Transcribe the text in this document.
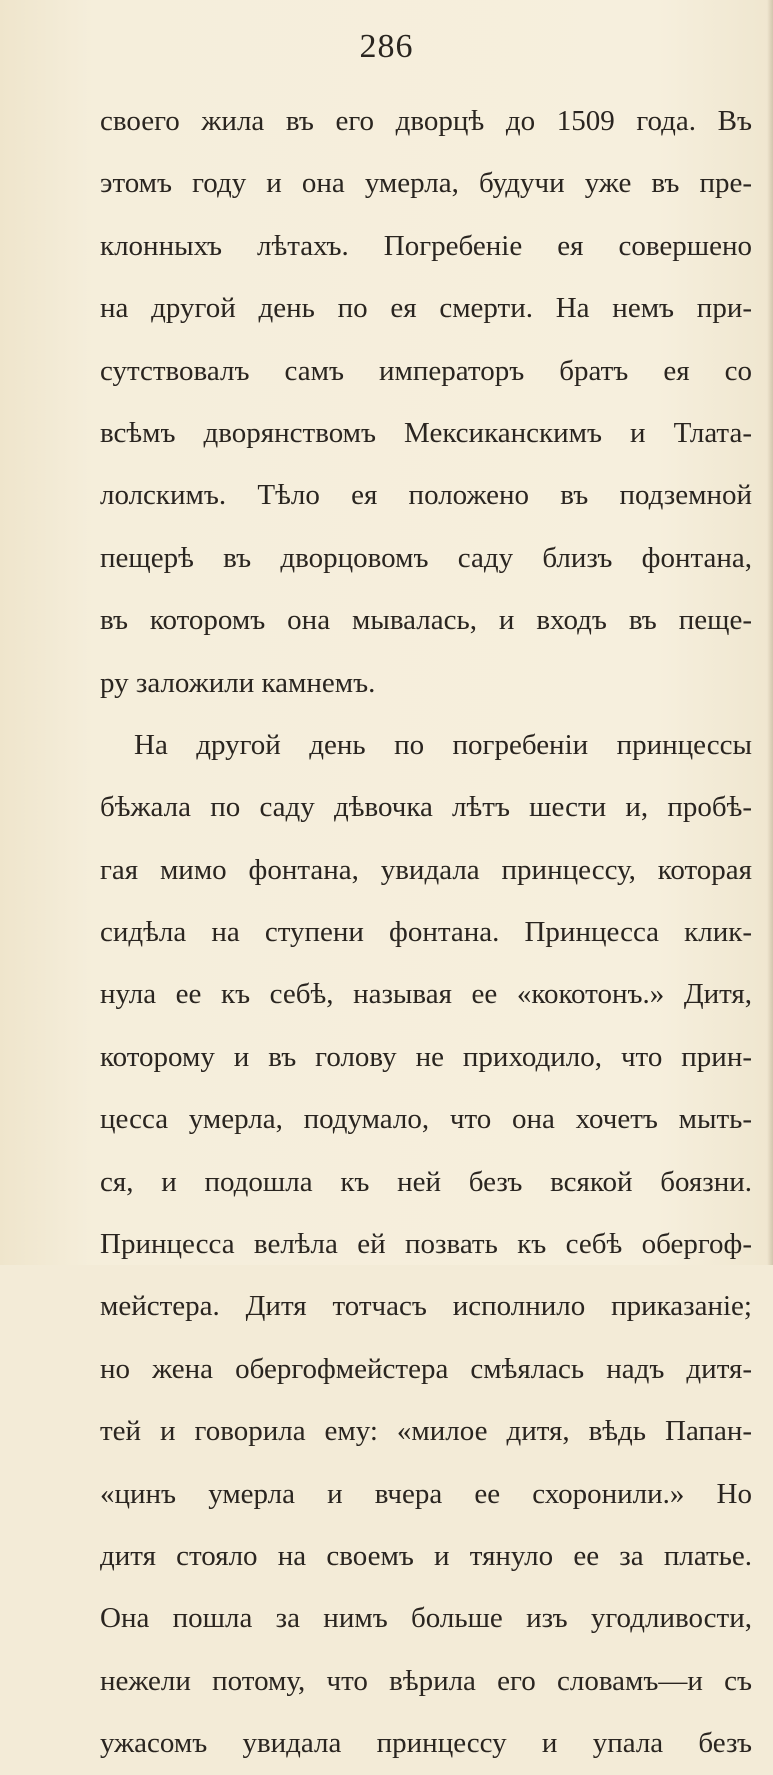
286
своего жила въ его дворцѣ до 1509 года. Въ
этомъ году и она умерла, будучи уже въ пре-
клонныхъ лѣтахъ. Погребеніе ея совершено
на другой день по ея смерти. На немъ при-
сутствовалъ самъ императоръ братъ ея со
всѣмъ дворянствомъ Мексиканскимъ и Тлата-
лолскимъ. Тѣло ея положено въ подземной
пещерѣ въ дворцовомъ саду близъ фонтана,
въ которомъ она мывалась, и входъ въ пеще-
ру заложили камнемъ.
На другой день по погребеніи принцессы
бѣжала по саду дѣвочка лѣтъ шести и, пробѣ-
гая мимо фонтана, увидала принцессу, которая
сидѣла на ступени фонтана. Принцесса клик-
нула ее къ себѣ, называя ее «кокотонъ.» Дитя,
которому и въ голову не приходило, что прин-
цесса умерла, подумало, что она хочетъ мыть-
ся, и подошла къ ней безъ всякой боязни.
Принцесса велѣла ей позвать къ себѣ обергоф-
мейстера. Дитя тотчасъ исполнило приказаніе;
но жена обергофмейстера смѣялась надъ дитя-
тей и говорила ему: «милое дитя, вѣдь Папан-
«цинъ умерла и вчера ее схоронили.» Но
дитя стояло на своемъ и тянуло ее за платье.
Она пошла за нимъ больше изъ угодливости,
нежели потому, что вѣрила его словамъ—и съ
ужасомъ увидала принцессу и упала безъ
